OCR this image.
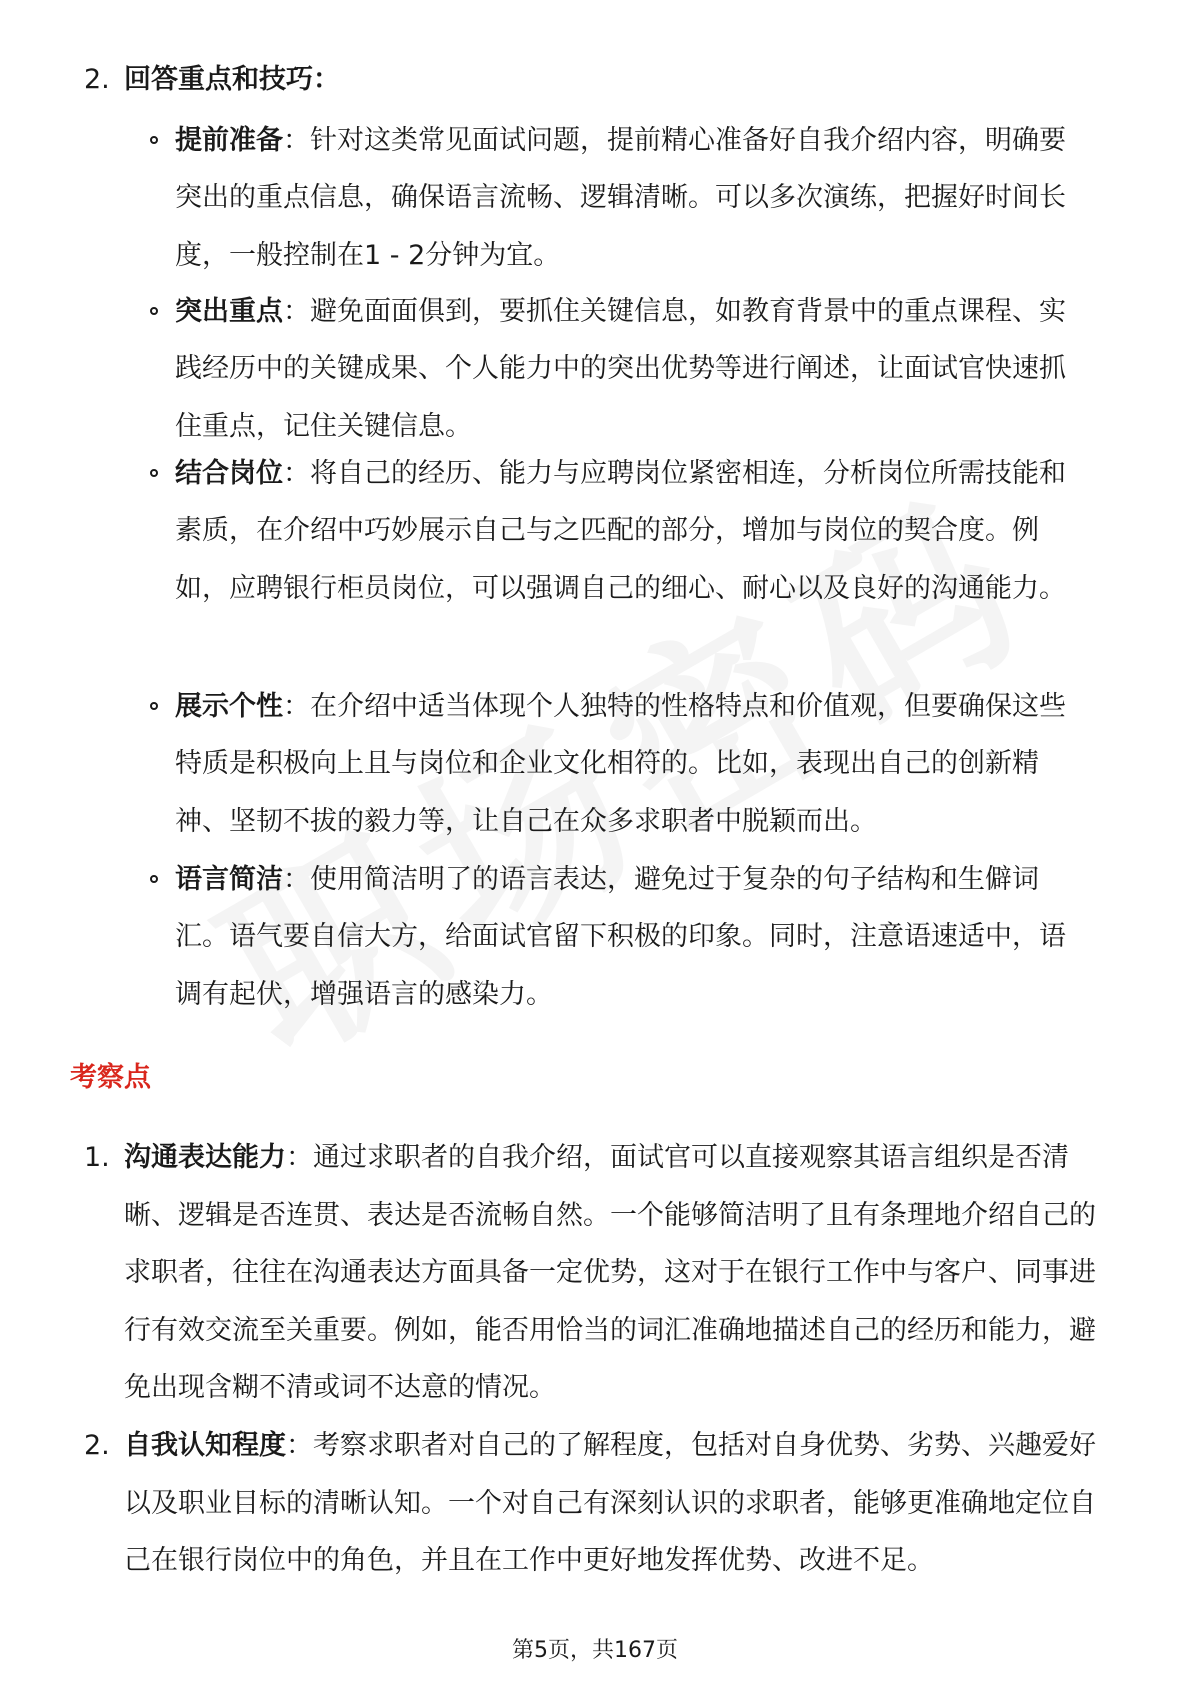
2. 回答重点和技巧：
提前准备：针对这类常见面试问题，提前精心准备好自我介绍内容，明确要突出的重点信息，确保语言流畅、逻辑清晰。可以多次演练，把握好时间长度，一般控制在1 - 2分钟为宜。
突出重点：避免面面俱到，要抓住关键信息，如教育背景中的重点课程、实践经历中的关键成果、个人能力中的突出优势等进行阐述，让面试官快速抓住重点，记住关键信息。
结合岗位：将自己的经历、能力与应聘岗位紧密相连，分析岗位所需技能和素质，在介绍中巧妙展示自己与之匹配的部分，增加与岗位的契合度。例如，应聘银行柜员岗位，可以强调自己的细心、耐心以及良好的沟通能力。
展示个性：在介绍中适当体现个人独特的性格特点和价值观，但要确保这些特质是积极向上且与岗位和企业文化相符的。比如，表现出自己的创新精神、坚韧不拔的毅力等，让自己在众多求职者中脱颖而出。
语言简洁：使用简洁明了的语言表达，避免过于复杂的句子结构和生僻词汇。语气要自信大方，给面试官留下积极的印象。同时，注意语速适中，语调有起伏，增强语言的感染力。
考察点
1. 沟通表达能力：通过求职者的自我介绍，面试官可以直接观察其语言组织是否清晰、逻辑是否连贯、表达是否流畅自然。一个能够简洁明了且有条理地介绍自己的求职者，往往在沟通表达方面具备一定优势，这对于在银行工作中与客户、同事进行有效交流至关重要。例如，能否用恰当的词汇准确地描述自己的经历和能力，避免出现含糊不清或词不达意的情况。
2. 自我认知程度：考察求职者对自己的了解程度，包括对自身优势、劣势、兴趣爱好以及职业目标的清晰认知。一个对自己有深刻认识的求职者，能够更准确地定位自己在银行岗位中的角色，并且在工作中更好地发挥优势、改进不足。
第5页，共167页
